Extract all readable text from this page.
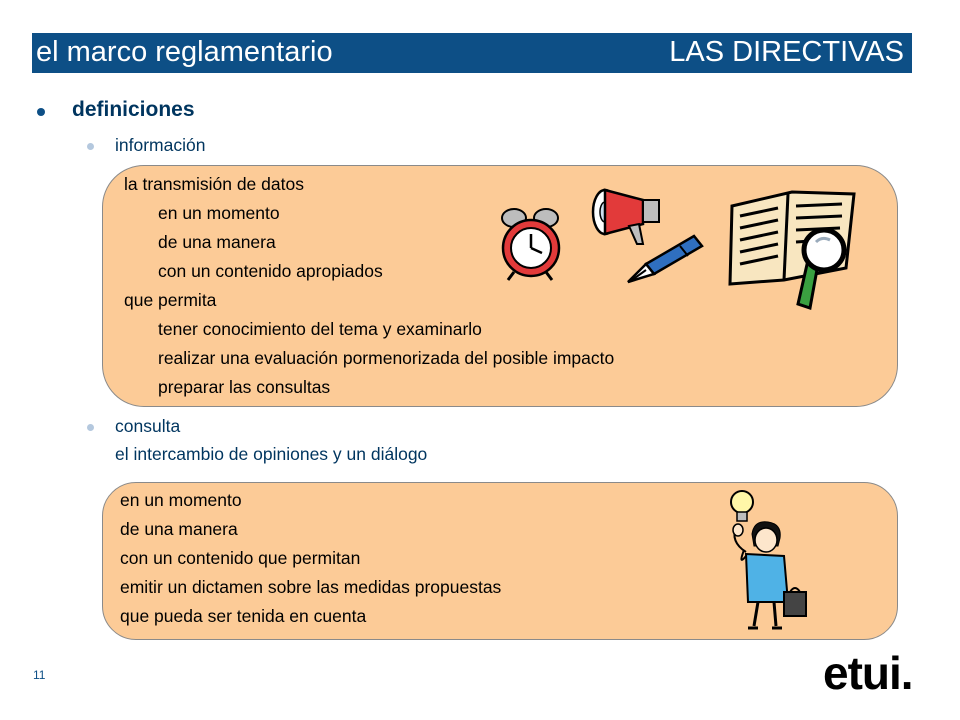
el marco reglamentario	LAS DIRECTIVAS
definiciones
información
la transmisión de datos
en un momento
de una manera
con un contenido apropiados
que permita
tener conocimiento del tema y examinarlo
realizar una evaluación pormenorizada del posible impacto
preparar las consultas
consulta
el intercambio de opiniones y un diálogo
en un momento
de una manera
con un contenido que permitan
emitir un dictamen sobre las medidas propuestas
que pueda ser tenida en cuenta
11	etui.
